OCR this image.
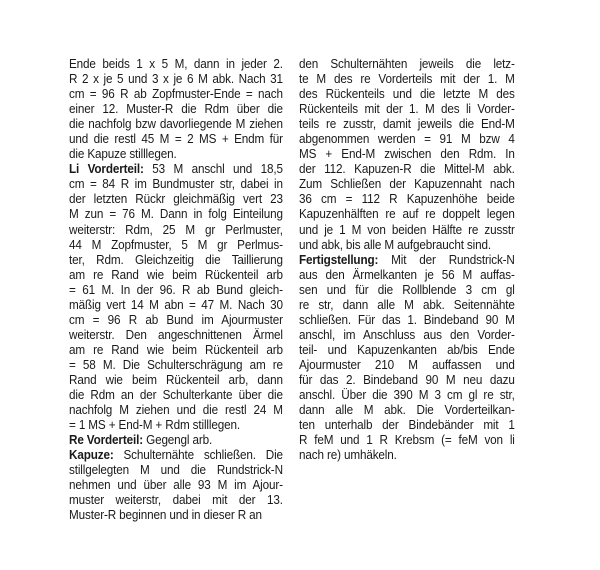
Ende beids 1 x 5 M, dann in jeder 2.
R 2 x je 5 und 3 x je 6 M abk. Nach 31
cm = 96 R ab Zopfmuster-Ende = nach
einer 12. Muster-R die Rdm über die
die nachfolg bzw davorliegende M ziehen
und die restl 45 M = 2 MS + Endm für
die Kapuze stilllegen.
Li Vorderteil: 53 M anschl und 18,5
cm = 84 R im Bundmuster str, dabei in
der letzten Rückr gleichmäßig vert 23
M zun = 76 M. Dann in folg Einteilung
weiterstr: Rdm, 25 M gr Perlmuster,
44 M Zopfmuster, 5 M gr Perlmus-
ter, Rdm. Gleichzeitig die Taillierung
am re Rand wie beim Rückenteil arb
= 61 M. In der 96. R ab Bund gleich-
mäßig vert 14 M abn = 47 M. Nach 30
cm = 96 R ab Bund im Ajourmuster
weiterstr. Den angeschnittenen Ärmel
am re Rand wie beim Rückenteil arb
= 58 M. Die Schulterschrägung am re
Rand wie beim Rückenteil arb, dann
die Rdm an der Schulterkante über die
nachfolg M ziehen und die restl 24 M
= 1 MS + End-M + Rdm stilllegen.
Re Vorderteil: Gegengl arb.
Kapuze: Schulternähte schließen. Die
stillgelegten M und die Rundstrick-N
nehmen und über alle 93 M im Ajour-
muster weiterstr, dabei mit der 13.
Muster-R beginnen und in dieser R an
den Schulternähten jeweils die letz-
te M des re Vorderteils mit der 1. M
des Rückenteils und die letzte M des
Rückenteils mit der 1. M des li Vorder-
teils re zusstr, damit jeweils die End-M
abgenommen werden = 91 M bzw 4
MS + End-M zwischen den Rdm. In
der 112. Kapuzen-R die Mittel-M abk.
Zum Schließen der Kapuzennaht nach
36 cm = 112 R Kapuzenhöhe beide
Kapuzenhälften re auf re doppelt legen
und je 1 M von beiden Hälfte re zusstr
und abk, bis alle M aufgebraucht sind.
Fertigstellung: Mit der Rundstrick-N
aus den Ärmelkanten je 56 M auffas-
sen und für die Rollblende 3 cm gl
re str, dann alle M abk. Seitennähte
schließen. Für das 1. Bindeband 90 M
anschl, im Anschluss aus den Vorder-
teil- und Kapuzenkanten ab/bis Ende
Ajourmuster 210 M auffassen und
für das 2. Bindeband 90 M neu dazu
anschl. Über die 390 M 3 cm gl re str,
dann alle M abk. Die Vorderteilkan-
ten unterhalb der Bindebänder mit 1
R feM und 1 R Krebsm (= feM von li
nach re) umhäkeln.
